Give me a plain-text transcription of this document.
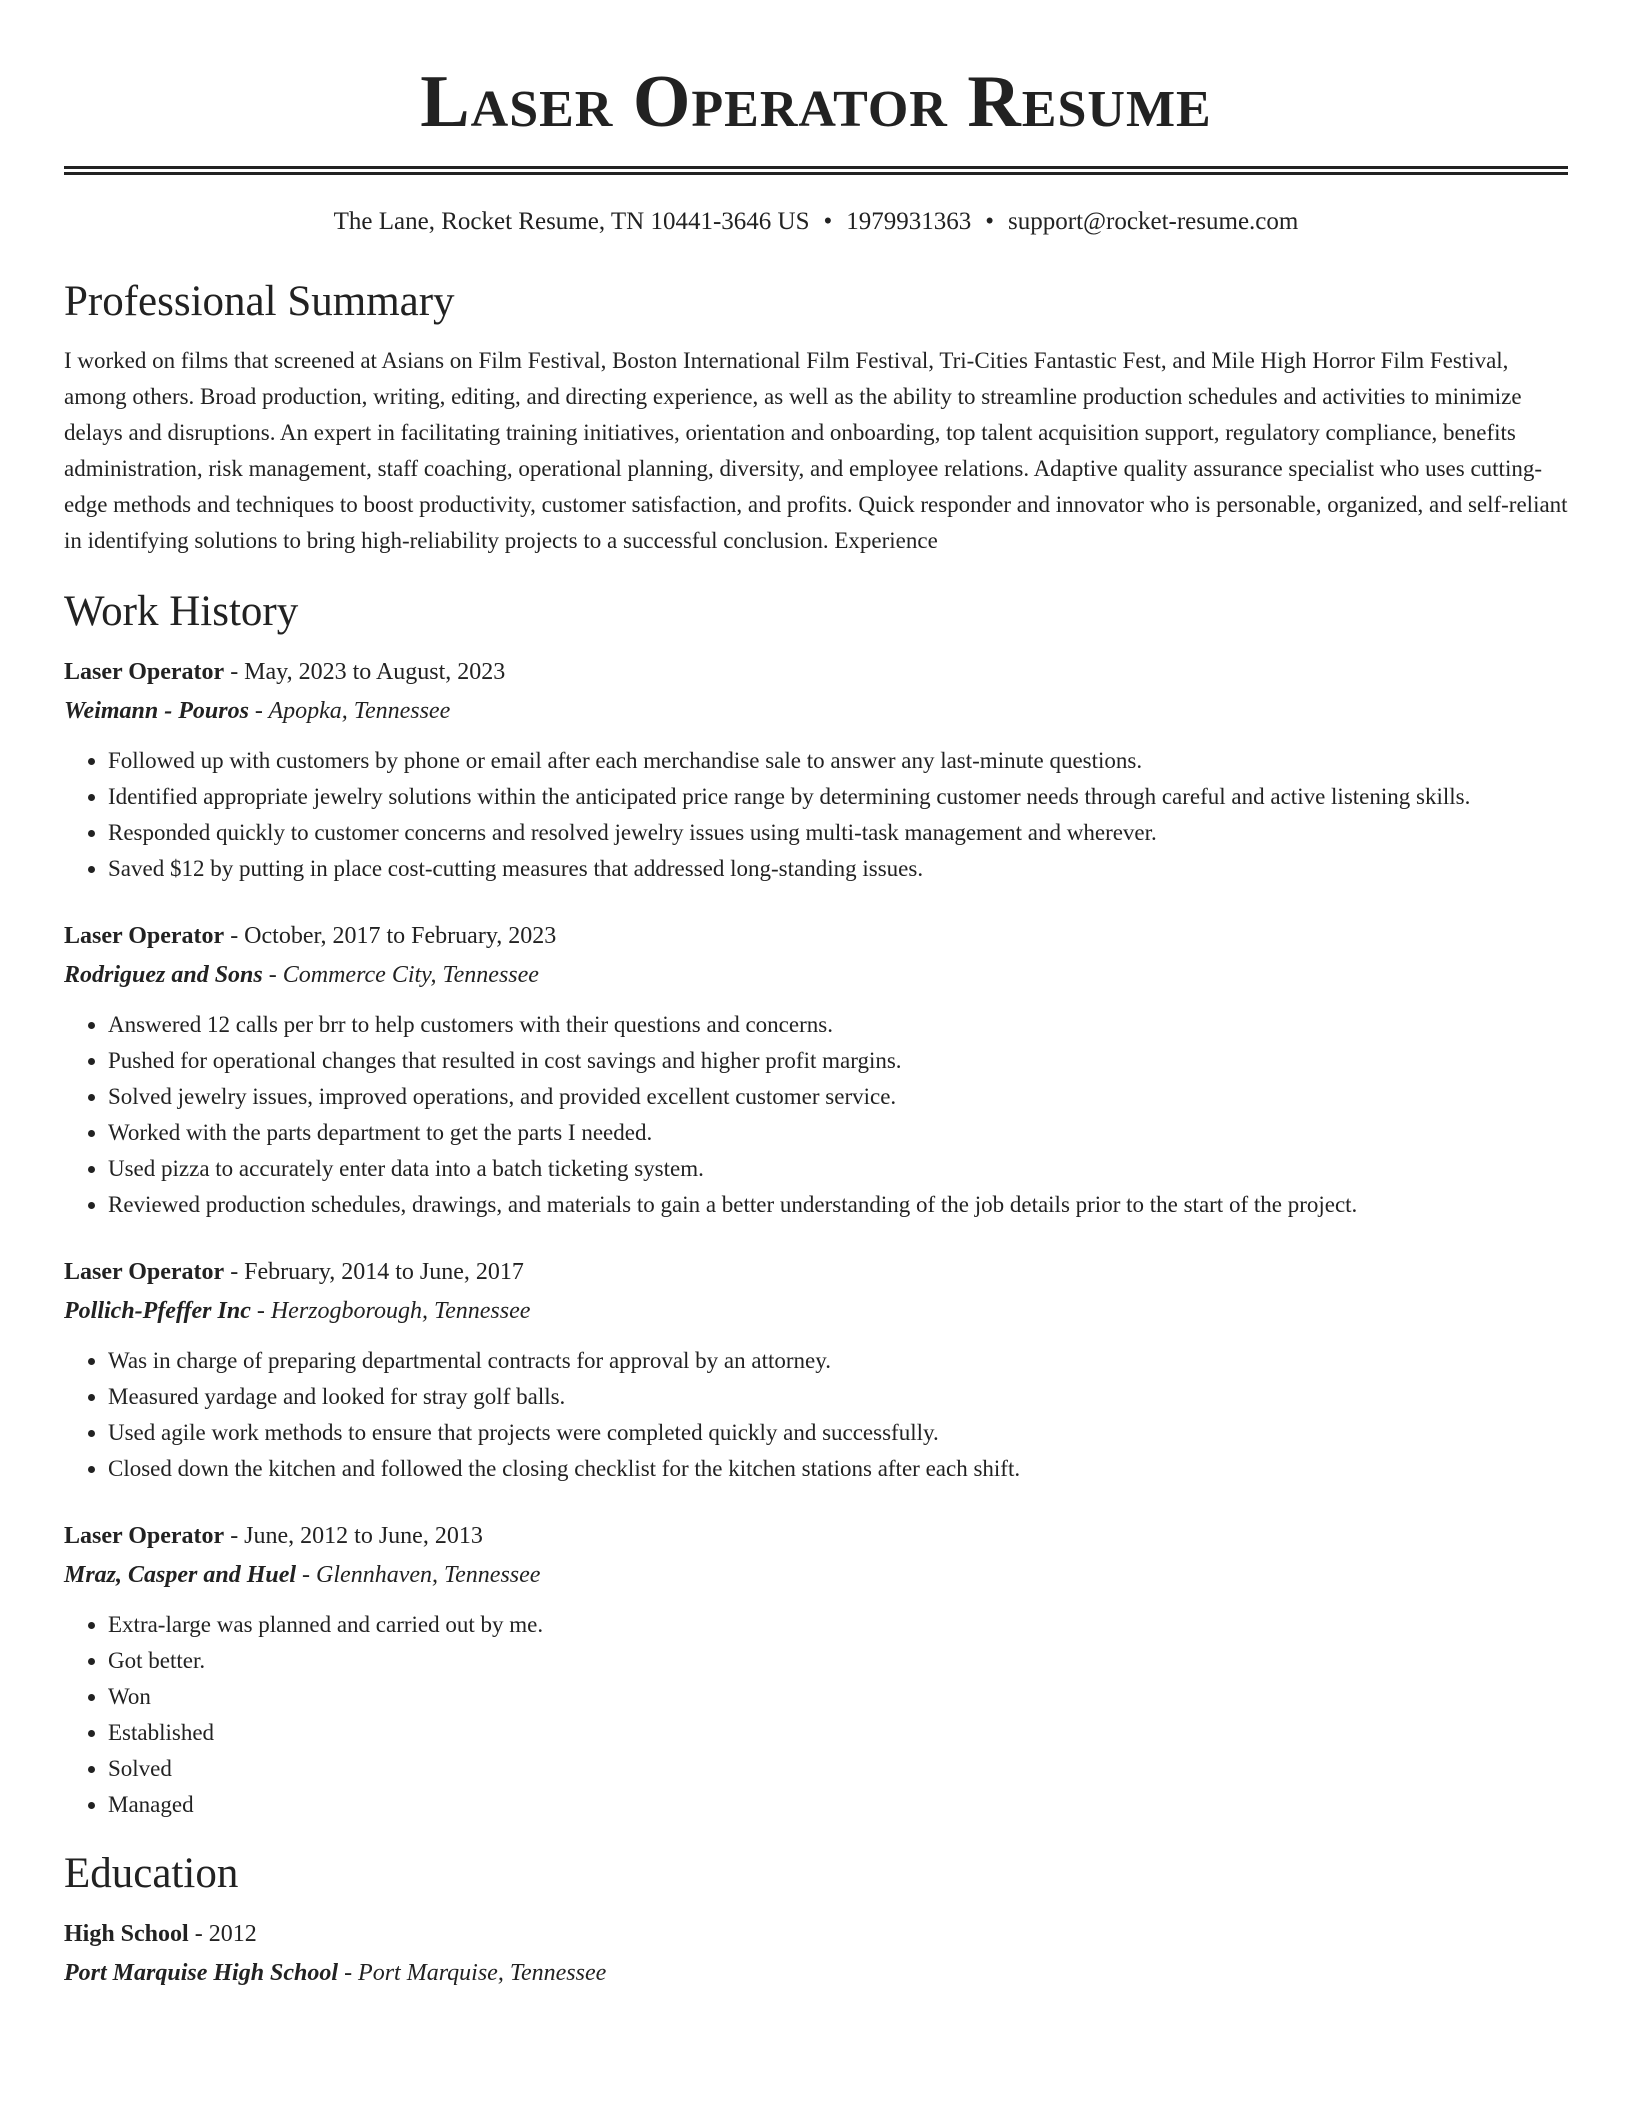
Laser Operator Resume
The Lane, Rocket Resume, TN 10441-3646 US • 1979931363 • support@rocket-resume.com
Professional Summary
I worked on films that screened at Asians on Film Festival, Boston International Film Festival, Tri-Cities Fantastic Fest, and Mile High Horror Film Festival, among others. Broad production, writing, editing, and directing experience, as well as the ability to streamline production schedules and activities to minimize delays and disruptions. An expert in facilitating training initiatives, orientation and onboarding, top talent acquisition support, regulatory compliance, benefits administration, risk management, staff coaching, operational planning, diversity, and employee relations. Adaptive quality assurance specialist who uses cutting-edge methods and techniques to boost productivity, customer satisfaction, and profits. Quick responder and innovator who is personable, organized, and self-reliant in identifying solutions to bring high-reliability projects to a successful conclusion. Experience
Work History
Laser Operator - May, 2023 to August, 2023
Weimann - Pouros - Apopka, Tennessee
• Followed up with customers by phone or email after each merchandise sale to answer any last-minute questions.
• Identified appropriate jewelry solutions within the anticipated price range by determining customer needs through careful and active listening skills.
• Responded quickly to customer concerns and resolved jewelry issues using multi-task management and wherever.
• Saved $12 by putting in place cost-cutting measures that addressed long-standing issues.
Laser Operator - October, 2017 to February, 2023
Rodriguez and Sons - Commerce City, Tennessee
• Answered 12 calls per brr to help customers with their questions and concerns.
• Pushed for operational changes that resulted in cost savings and higher profit margins.
• Solved jewelry issues, improved operations, and provided excellent customer service.
• Worked with the parts department to get the parts I needed.
• Used pizza to accurately enter data into a batch ticketing system.
• Reviewed production schedules, drawings, and materials to gain a better understanding of the job details prior to the start of the project.
Laser Operator - February, 2014 to June, 2017
Pollich-Pfeffer Inc - Herzogborough, Tennessee
• Was in charge of preparing departmental contracts for approval by an attorney.
• Measured yardage and looked for stray golf balls.
• Used agile work methods to ensure that projects were completed quickly and successfully.
• Closed down the kitchen and followed the closing checklist for the kitchen stations after each shift.
Laser Operator - June, 2012 to June, 2013
Mraz, Casper and Huel - Glennhaven, Tennessee
• Extra-large was planned and carried out by me.
• Got better.
• Won
• Established
• Solved
• Managed
Education
High School - 2012
Port Marquise High School - Port Marquise, Tennessee
